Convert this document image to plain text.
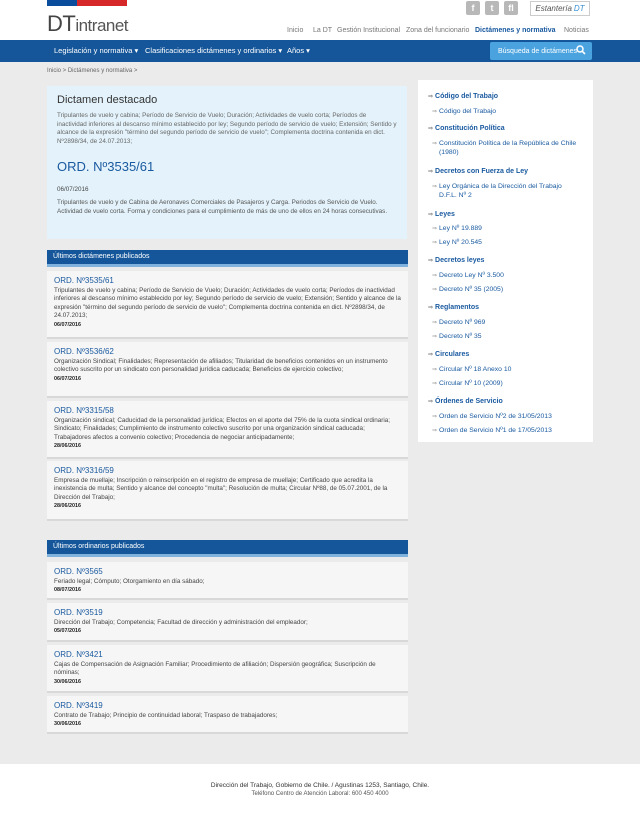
DTintranet
f	t	fl	Estantería DT
Inicio La DT Gestión Institucional Zona del funcionario Dictámenes y normativa Noticias
Legislación y normativa ▾ Clasificaciones dictámenes y ordinarios ▾ Años ▾	Búsqueda de dictámenes
Inicio > Dictámenes y normativa >
Dictamen destacado
Tripulantes de vuelo y cabina; Período de Servicio de Vuelo; Duración; Actividades de vuelo corta; Períodos de inactividad inferiores al descanso mínimo establecido por ley; Segundo período de servicio de vuelo; Extensión; Sentido y alcance de la expresión "término del segundo período de servicio de vuelo"; Complementa doctrina contenida en dict. Nº2898/34, de 24.07.2013;
ORD. Nº3535/61
06/07/2016
Tripulantes de vuelo y de Cabina de Aeronaves Comerciales de Pasajeros y Carga. Periodos de Servicio de Vuelo. Actividad de vuelo corta. Forma y condiciones para el cumplimiento de más de uno de ellos en 24 horas consecutivas.
Últimos dictámenes publicados
ORD. Nº3535/61
Tripulantes de vuelo y cabina; Período de Servicio de Vuelo; Duración; Actividades de vuelo corta; Períodos de inactividad inferiores al descanso mínimo establecido por ley; Segundo período de servicio de vuelo; Extensión; Sentido y alcance de la expresión "término del segundo período de servicio de vuelo"; Complementa doctrina contenida en dict. Nº2898/34, de 24.07.2013;
06/07/2016
ORD. Nº3536/62
Organización Sindical; Finalidades; Representación de afiliados; Titularidad de beneficios contenidos en un instrumento colectivo suscrito por un sindicato con personalidad jurídica caducada; Beneficios de ejercicio colectivo;
06/07/2016
ORD. Nº3315/58
Organización sindical; Caducidad de la personalidad jurídica; Efectos en el aporte del 75% de la cuota sindical ordinaria; Sindicato; Finalidades; Cumplimiento de instrumento colectivo suscrito por una organización sindical caducada; Trabajadores afectos a convenio colectivo; Procedencia de negociar anticipadamente;
28/06/2016
ORD. Nº3316/59
Empresa de muellaje; Inscripción o reinscripción en el registro de empresa de muellaje; Certificado que acredita la inexistencia de multa; Sentido y alcance del concepto "multa"; Resolución de multa; Circular Nº88, de 05.07.2001, de la Dirección del Trabajo;
28/06/2016
Últimos ordinarios publicados
ORD. Nº3565
Feriado legal; Cómputo; Otorgamiento en día sábado;
08/07/2016
ORD. Nº3519
Dirección del Trabajo; Competencia; Facultad de dirección y administración del empleador;
05/07/2016
ORD. Nº3421
Cajas de Compensación de Asignación Familiar; Procedimiento de afiliación; Dispersión geográfica; Suscripción de nóminas;
30/06/2016
ORD. Nº3419
Contrato de Trabajo; Principio de continuidad laboral; Traspaso de trabajadores;
30/06/2016
⇒ Código del Trabajo
⇒ Código del Trabajo
⇒ Constitución Política
⇒ Constitución Política de la República de Chile (1980)
⇒ Decretos con Fuerza de Ley
⇒ Ley Orgánica de la Dirección del Trabajo D.F.L. Nº 2
⇒ Leyes
⇒ Ley Nº 19.889
⇒ Ley Nº 20.545
⇒ Decretos leyes
⇒ Decreto Ley Nº 3.500
⇒ Decreto Nº 35 (2005)
⇒ Reglamentos
⇒ Decreto Nº 969
⇒ Decreto Nº 35
⇒ Circulares
⇒ Circular Nº 18 Anexo 10
⇒ Circular Nº 10 (2009)
⇒ Órdenes de Servicio
⇒ Orden de Servicio Nº2 de 31/05/2013
⇒ Orden de Servicio Nº1 de 17/05/2013
Dirección del Trabajo, Gobierno de Chile. / Agustinas 1253, Santiago, Chile.
Teléfono Centro de Atención Laboral: 600 450 4000
